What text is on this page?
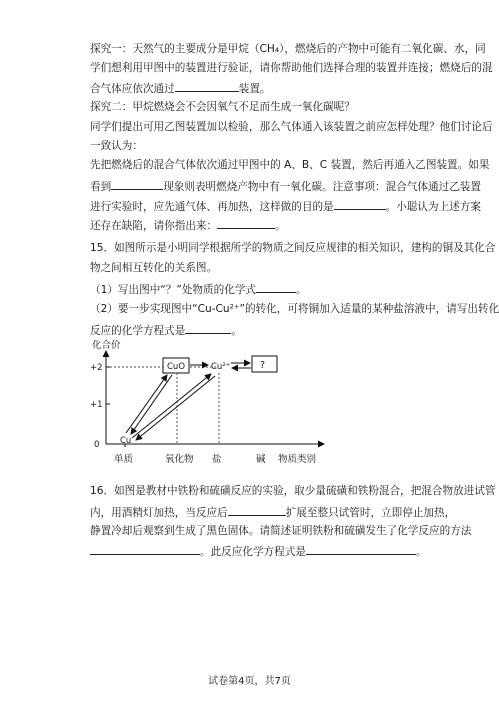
探究一：天然气的主要成分是甲烷（CH₄），燃烧后的产物中可能有二氧化碳、水，同
学们想利用甲图中的装置进行验证，请你帮助他们选择合理的装置并连接；燃烧后的混
合气体应依次通过	装置。
探究二：甲烷燃烧会不会因氧气不足而生成一氧化碳呢？
同学们提出可用乙图装置加以检验，那么气体通入该装置之前应怎样处理？他们讨论后
一致认为：
先把燃烧后的混合气体依次通过甲图中的 A、B、C 装置，然后再通入乙图装置。如果
看到	现象则表明燃烧产物中有一氧化碳。注意事项：混合气体通过乙装置
进行实验时，应先通气体、再加热，这样做的目的是	。小聪认为上述方案
还存在缺陷，请你指出来：	。
15．如图所示是小明同学根据所学的物质之间反应规律的相关知识，建构的铜及其化合
物之间相互转化的关系图。
（1）写出图中“？”处物质的化学式	。
（2）要一步实现图中“Cu-Cu²⁺”的转化，可将铜加入适量的某种盐溶液中，请写出转化
反应的化学方程式是	。
化合价
+2
+1
0
CuO	Cu²⁺	?
Cu
单质	氧化物 盐	碱 物质类别
16．如图是教材中铁粉和硫磺反应的实验，取少量硫磺和铁粉混合，把混合物放进试管
内，用酒精灯加热，当反应后	扩展至整只试管时，立即停止加热，
静置冷却后观察到生成了黑色固体。请简述证明铁粉和硫磺发生了化学反应的方法
。此反应化学方程式是	。
试卷第4页，共7页
